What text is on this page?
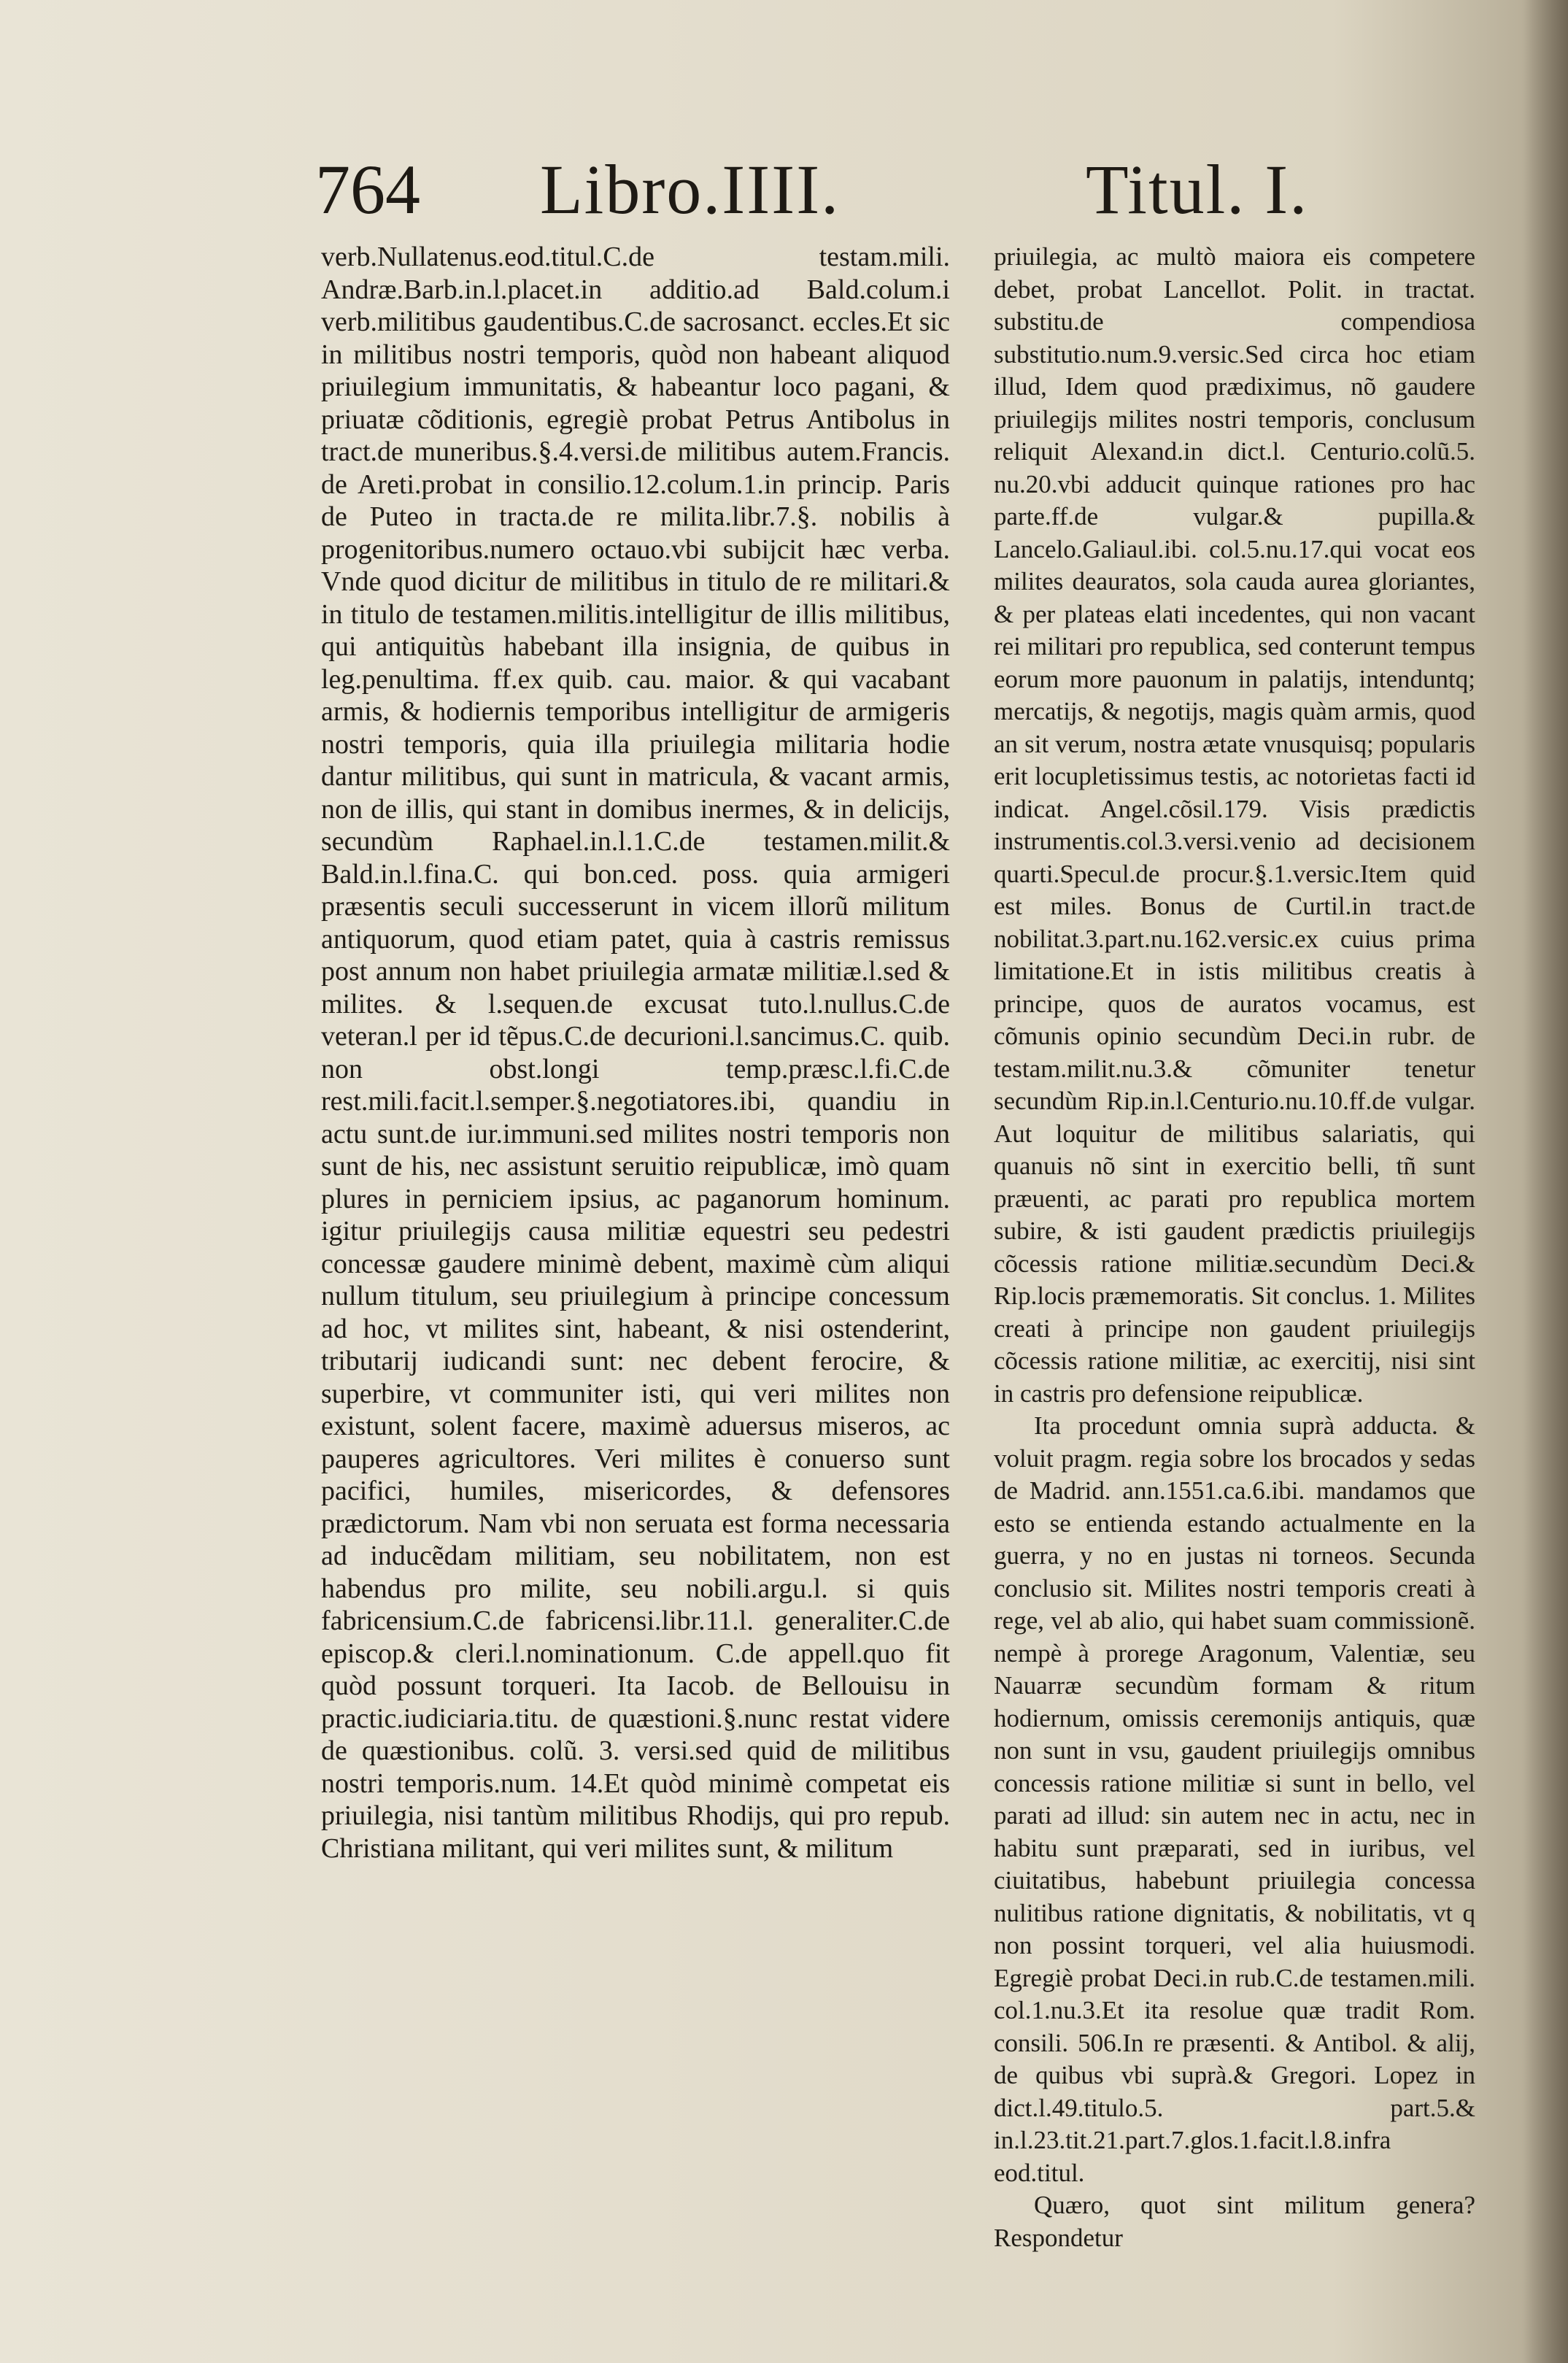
764 Libro.IIII.	Titul. I.

verb.Nullatenus.eod.titul.C.de testam.mili. Andræ.Barb.in.l.placet.in additio.ad Bald.colum.i verb.militibus gaudentibus.C.de sacrosanct. eccles.Et sic in militibus nostri temporis, quòd non habeant aliquod priuilegium immunitatis, & habeantur loco pagani, & priuatæ cõditionis, egregiè probat Petrus Antibolus in tract.de muneribus.§.4.versi.de militibus autem.Francis. de Areti.probat in consilio.12.colum.1.in princip. Paris de Puteo in tracta.de re milita.libr.7.§. nobilis à progenitoribus.numero octauo.vbi subijcit hæc verba. Vnde quod dicitur de militibus in titulo de re militari.& in titulo de testamen.militis.intelligitur de illis militibus, qui antiquitùs habebant illa insignia, de quibus in leg.penultima. ff.ex quib. cau. maior. & qui vacabant armis, & hodiernis temporibus intelligitur de armigeris nostri temporis, quia illa priuilegia militaria hodie dantur militibus, qui sunt in matricula, & vacant armis, non de illis, qui stant in domibus inermes, & in delicijs, secundùm Raphael.in.l.1.C.de testamen.milit.& Bald.in.l.fina.C. qui bon.ced. poss. quia armigeri præsentis seculi successerunt in vicem illorũ militum antiquorum, quod etiam patet, quia à castris remissus post annum non habet priuilegia armatæ militiæ.l.sed & milites. & l.sequen.de excusat tuto.l.nullus.C.de veteran.l per id tẽpus.C.de decurioni.l.sancimus.C. quib. non obst.longi temp.præsc.l.fi.C.de rest.mili.facit.l.semper.§.negotiatores.ibi, quandiu in actu sunt.de iur.immuni.sed milites nostri temporis non sunt de his, nec assistunt seruitio reipublicæ, imò quam plures in perniciem ipsius, ac paganorum hominum. igitur priuilegijs causa militiæ equestri seu pedestri concessæ gaudere minimè debent, maximè cùm aliqui nullum titulum, seu priuilegium à principe concessum ad hoc, vt milites sint, habeant, & nisi ostenderint, tributarij iudicandi sunt: nec debent ferocire, & superbire, vt communiter isti, qui veri milites non existunt, solent facere, maximè aduersus miseros, ac pauperes agricultores. Veri milites è conuerso sunt pacifici, humiles, misericordes, & defensores prædictorum. Nam vbi non seruata est forma necessaria ad inducẽdam militiam, seu nobilitatem, non est habendus pro milite, seu nobili.argu.l. si quis fabricensium.C.de fabricensi.libr.11.l. generaliter.C.de episcop.& cleri.l.nominationum. C.de appell.quo fit quòd possunt torqueri. Ita Iacob. de Bellouisu in practic.iudiciaria.titu. de quæstioni.§.nunc restat videre de quæstionibus. colũ. 3. versi.sed quid de militibus nostri temporis.num. 14.Et quòd minimè competat eis priuilegia, nisi tantùm militibus Rhodijs, qui pro repub. Christiana militant, qui veri milites sunt, & militum

priuilegia, ac multò maiora eis competere debet, probat Lancellot. Polit. in tractat. substitu.de compendiosa substitutio.num.9.versic.Sed circa hoc etiam illud, Idem quod prædiximus, nõ gaudere priuilegijs milites nostri temporis, conclusum reliquit Alexand.in dict.l. Centurio.colũ.5. nu.20.vbi adducit quinque rationes pro hac parte.ff.de vulgar.& pupilla.& Lancelo.Galiaul.ibi. col.5.nu.17.qui vocat eos milites deauratos, sola cauda aurea gloriantes, & per plateas elati incedentes, qui non vacant rei militari pro republica, sed conterunt tempus eorum more pauonum in palatijs, intenduntq; mercatijs, & negotijs, magis quàm armis, quod an sit verum, nostra ætate vnusquisq; popularis erit locupletissimus testis, ac notorietas facti id indicat. Angel.cõsil.179. Visis prædictis instrumentis.col.3.versi.venio ad decisionem quarti.Specul.de procur.§.1.versic.Item quid est miles. Bonus de Curtil.in tract.de nobilitat.3.part.nu.162.versic.ex cuius prima limitatione.Et in istis militibus creatis à principe, quos de auratos vocamus, est cõmunis opinio secundùm Deci.in rubr. de testam.milit.nu.3.& cõmuniter tenetur secundùm Rip.in.l.Centurio.nu.10.ff.de vulgar. Aut loquitur de militibus salariatis, qui quanuis nõ sint in exercitio belli, tñ sunt præuenti, ac parati pro republica mortem subire, & isti gaudent prædictis priuilegijs cõcessis ratione militiæ.secundùm Deci.& Rip.locis præmemoratis. Sit conclus. 1. Milites creati à principe non gaudent priuilegijs cõcessis ratione militiæ, ac exercitij, nisi sint in castris pro defensione reipublicæ.

Ita procedunt omnia suprà adducta. & voluit pragm. regia sobre los brocados y sedas de Madrid. ann.1551.ca.6.ibi. mandamos que esto se entienda estando actualmente en la guerra, y no en justas ni torneos. Secunda conclusio sit. Milites nostri temporis creati à rege, vel ab alio, qui habet suam commissionẽ. nempè à prorege Aragonum, Valentiæ, seu Nauarræ secundùm formam & ritum hodiernum, omissis ceremonijs antiquis, quæ non sunt in vsu, gaudent priuilegijs omnibus concessis ratione militiæ si sunt in bello, vel parati ad illud: sin autem nec in actu, nec in habitu sunt præparati, sed in iuribus, vel ciuitatibus, habebunt priuilegia concessa nulitibus ratione dignitatis, & nobilitatis, vt q non possint torqueri, vel alia huiusmodi. Egregiè probat Deci.in rub.C.de testamen.mili. col.1.nu.3.Et ita resolue quæ tradit Rom. consili. 506.In re præsenti. & Antibol. & alij, de quibus vbi suprà.& Gregori. Lopez in dict.l.49.titulo.5. part.5.& in.l.23.tit.21.part.7.glos.1.facit.l.8.infra eod.titul.

Quæro, quot sint militum genera? Respondetur
